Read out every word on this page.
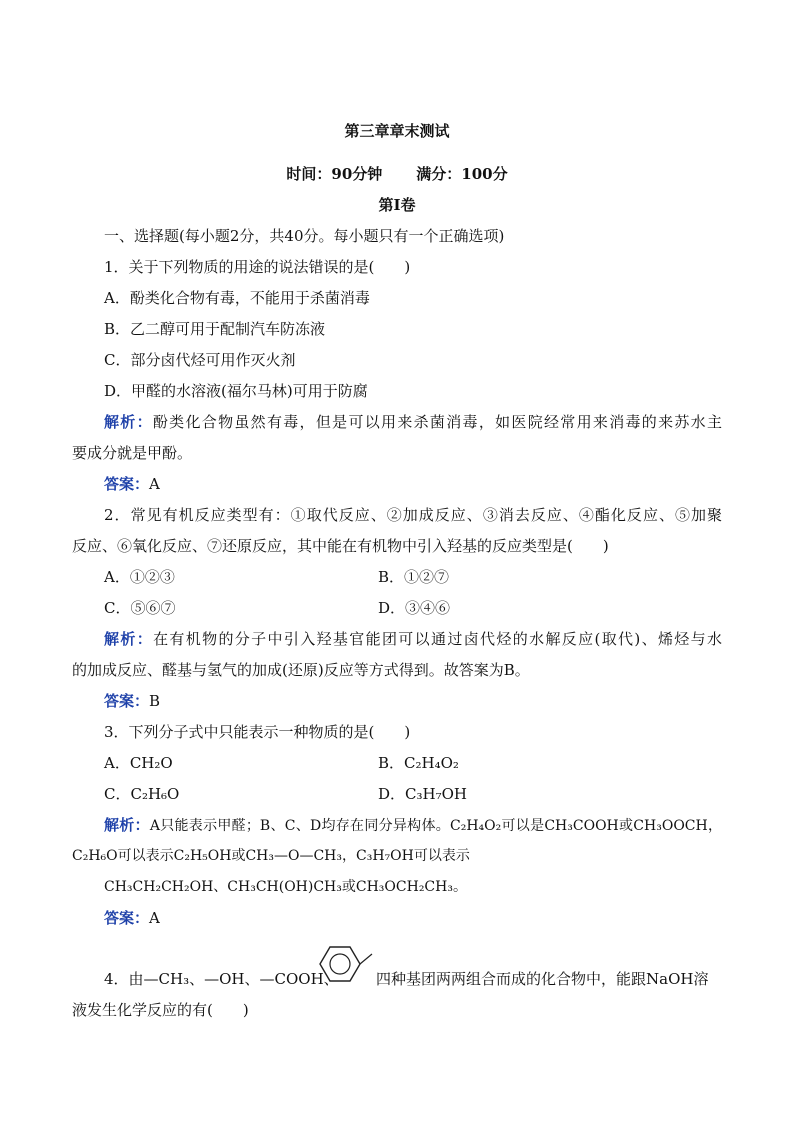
第三章章末测试
时间：90分钟 满分：100分
第Ⅰ卷
一、选择题(每小题2分，共40分。每小题只有一个正确选项)
1．关于下列物质的用途的说法错误的是(　　)
A．酚类化合物有毒，不能用于杀菌消毒
B．乙二醇可用于配制汽车防冻液
C．部分卤代烃可用作灭火剂
D．甲醛的水溶液(福尔马林)可用于防腐
解析：酚类化合物虽然有毒，但是可以用来杀菌消毒，如医院经常用来消毒的来苏水主
要成分就是甲酚。
答案：A
2．常见有机反应类型有：①取代反应、②加成反应、③消去反应、④酯化反应、⑤加聚
反应、⑥氧化反应、⑦还原反应，其中能在有机物中引入羟基的反应类型是(　　)
A．①②③	B．①②⑦
C．⑤⑥⑦	D．③④⑥
解析：在有机物的分子中引入羟基官能团可以通过卤代烃的水解反应(取代)、烯烃与水
的加成反应、醛基与氢气的加成(还原)反应等方式得到。故答案为B。
答案：B
3．下列分子式中只能表示一种物质的是(　　)
A．CH₂O	B．C₂H₄O₂
C．C₂H₆O	D．C₃H₇OH
解析：A只能表示甲醛；B、C、D均存在同分异构体。C₂H₄O₂可以是CH₃COOH或CH₃OOCH，
C₂H₆O可以表示C₂H₅OH或CH₃—O—CH₃，C₃H₇OH可以表示
CH₃CH₂CH₂OH、CH₃CH(OH)CH₃或CH₃OCH₂CH₃。
答案：A
4．由—CH₃、—OH、—COOH、 四种基团两两组合而成的化合物中，能跟NaOH溶
液发生化学反应的有(　　)
